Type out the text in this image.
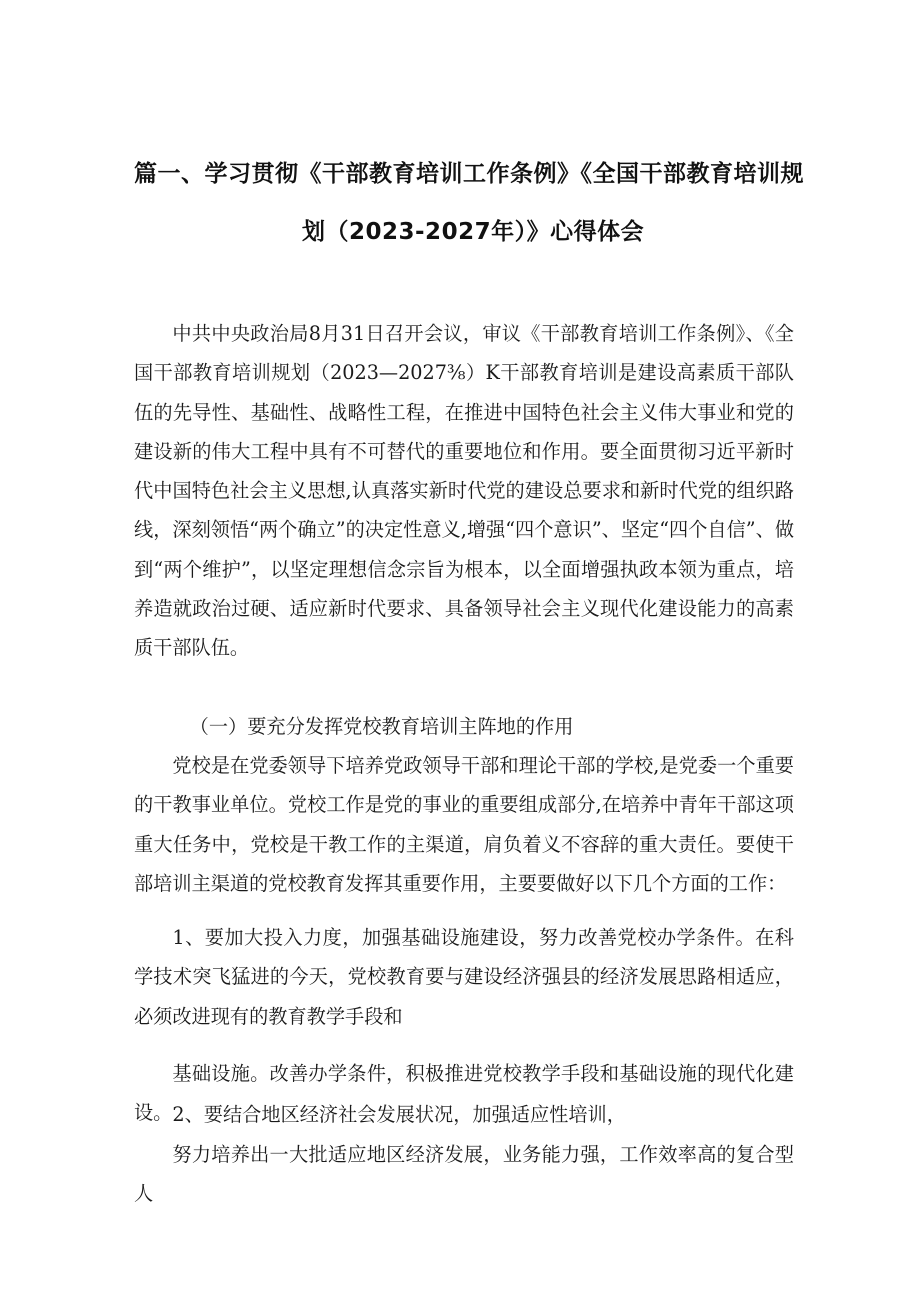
篇一、学习贯彻《干部教育培训工作条例》《全国干部教育培训规
划（2023-2027年）》心得体会

中共中央政治局8月31日召开会议，审议《干部教育培训工作条例》、《全国干部教育培训规划（2023—2027⅜）K干部教育培训是建设高素质干部队伍的先导性、基础性、战略性工程，在推进中国特色社会主义伟大事业和党的建设新的伟大工程中具有不可替代的重要地位和作用。要全面贯彻习近平新时代中国特色社会主义思想,认真落实新时代党的建设总要求和新时代党的组织路线，深刻领悟“两个确立”的决定性意义,增强“四个意识”、坚定“四个自信”、做到“两个维护”，以坚定理想信念宗旨为根本，以全面增强执政本领为重点，培养造就政治过硬、适应新时代要求、具备领导社会主义现代化建设能力的高素质干部队伍。

（一）要充分发挥党校教育培训主阵地的作用

党校是在党委领导下培养党政领导干部和理论干部的学校,是党委一个重要的干教事业单位。党校工作是党的事业的重要组成部分,在培养中青年干部这项重大任务中，党校是干教工作的主渠道，肩负着义不容辞的重大责任。要使干部培训主渠道的党校教育发挥其重要作用，主要要做好以下几个方面的工作：

1、要加大投入力度，加强基础设施建设，努力改善党校办学条件。在科学技术突飞猛进的今天，党校教育要与建设经济强县的经济发展思路相适应，必须改进现有的教育教学手段和

基础设施。改善办学条件，积极推进党校教学手段和基础设施的现代化建设。 2、要结合地区经济社会发展状况，加强适应性培训，

努力培养出一大批适应地区经济发展，业务能力强，工作效率高的复合型人
